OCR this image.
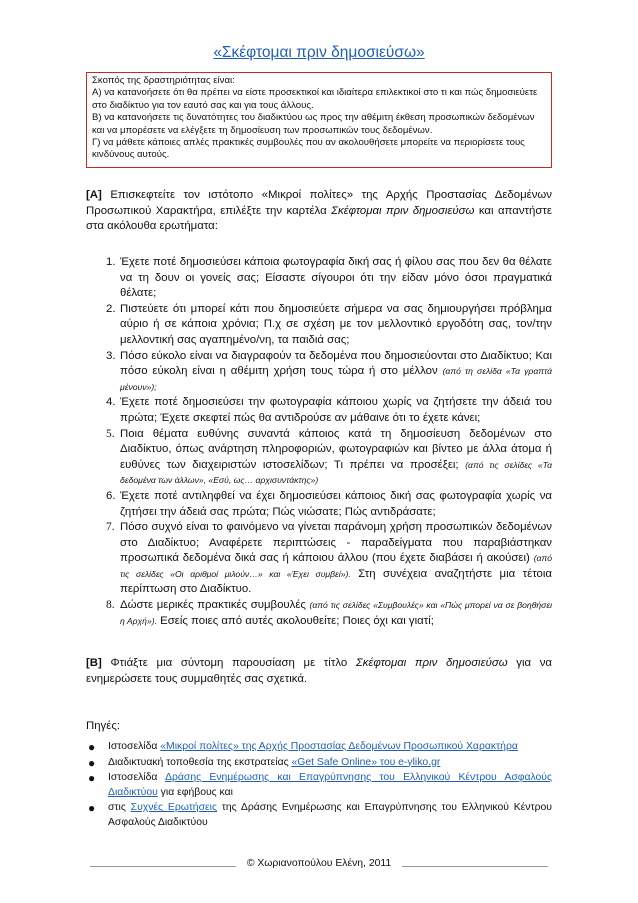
«Σκέφτομαι πριν δημοσιεύσω»

Σκοπός της δραστηριότητας είναι:

Α) να κατανοήσετε ότι θα πρέπει να είστε προσεκτικοί και ιδιαίτερα επιλεκτικοί στο τι και πώς δημοσιεύετε στο διαδίκτυο για τον εαυτό σας και για τους άλλους.

Β) να κατανοήσετε τις δυνατότητες του διαδικτύου ως προς την αθέμιτη έκθεση προσωπικών δεδομένων και να μπορέσετε να ελέγξετε τη δημοσίευση των προσωπικών τους δεδομένων.

Γ) να μάθετε κάποιες απλές πρακτικές συμβουλές που αν ακολουθήσετε μπορείτε να περιορίσετε τους κινδύνους αυτούς.

[Α] Επισκεφτείτε τον ιστότοπο «Μικροί πολίτες» της Αρχής Προστασίας Δεδομένων Προσωπικού Χαρακτήρα, επιλέξτε την καρτέλα Σκέφτομαι πριν δημοσιεύσω και απαντήστε στα ακόλουθα ερωτήματα:

1. Έχετε ποτέ δημοσιεύσει κάποια φωτογραφία δική σας ή φίλου σας που δεν θα θέλατε να τη δουν οι γονείς σας; Είσαστε σίγουροι ότι την είδαν μόνο όσοι πραγματικά θέλατε;
2. Πιστεύετε ότι μπορεί κάτι που δημοσιεύετε σήμερα να σας δημιουργήσει πρόβλημα αύριο ή σε κάποια χρόνια; Π.χ σε σχέση με τον μελλοντικό εργοδότη σας, τον/την μελλοντική σας αγαπημένο/νη, τα παιδιά σας;
3. Πόσο εύκολο είναι να διαγραφούν τα δεδομένα που δημοσιεύονται στο Διαδίκτυο; Και πόσο εύκολη είναι η αθέμιτη χρήση τους τώρα ή στο μέλλον (από τη σελίδα «Τα γραπτά μένουν»);
4. Έχετε ποτέ δημοσιεύσει την φωτογραφία κάποιου χωρίς να ζητήσετε την άδειά του πρώτα; Έχετε σκεφτεί πώς θα αντιδρούσε αν μάθαινε ότι το έχετε κάνει;
5. Ποια θέματα ευθύνης συναντά κάποιος κατά τη δημοσίευση δεδομένων στο Διαδίκτυο, όπως ανάρτηση πληροφοριών, φωτογραφιών και βίντεο με άλλα άτομα ή ευθύνες των διαχειριστών ιστοσελίδων; Τι πρέπει να προσέξει; (από τις σελίδες «Τα δεδομένα των άλλων», «Εσύ, ως… αρχισυντάκτης»)
6. Έχετε ποτέ αντιληφθεί να έχει δημοσιεύσει κάποιος δική σας φωτογραφία χωρίς να ζητήσει την άδειά σας πρώτα; Πώς νιώσατε; Πώς αντιδράσατε;
7. Πόσο συχνό είναι το φαινόμενο να γίνεται παράνομη χρήση προσωπικών δεδομένων στο Διαδίκτυο; Αναφέρετε περιπτώσεις - παραδείγματα που παραβιάστηκαν προσωπικά δεδομένα δικά σας ή κάποιου άλλου (που έχετε διαβάσει ή ακούσει) (από τις σελίδες «Οι αριθμοί μιλούν…» και «Έχει συμβεί»). Στη συνέχεια αναζητήστε μια τέτοια περίπτωση στο Διαδίκτυο.
8. Δώστε μερικές πρακτικές συμβουλές (από τις σελίδες «Συμβουλές» και «Πώς μπορεί να σε βοηθήσει η Αρχή»). Εσείς ποιες από αυτές ακολουθείτε; Ποιες όχι και γιατί;

[Β] Φτιάξτε μια σύντομη παρουσίαση με τίτλο Σκέφτομαι πριν δημοσιεύσω για να ενημερώσετε τους συμμαθητές σας σχετικά.

Πηγές:
● Ιστοσελίδα «Μικροί πολίτες» της Αρχής Προστασίας Δεδομένων Προσωπικού Χαρακτήρα
● Διαδικτυακή τοποθεσία της εκστρατείας «Get Safe Online» του e-yliko.gr
● Ιστοσελίδα Δράσης Ενημέρωσης και Επαγρύπνησης του Ελληνικού Κέντρου Ασφαλούς Διαδικτύου για εφήβους και
● στις Συχνές Ερωτήσεις της Δράσης Ενημέρωσης και Επαγρύπνησης του Ελληνικού Κέντρου Ασφαλούς Διαδικτύου
© Χωριανοπούλου Ελένη, 2011
